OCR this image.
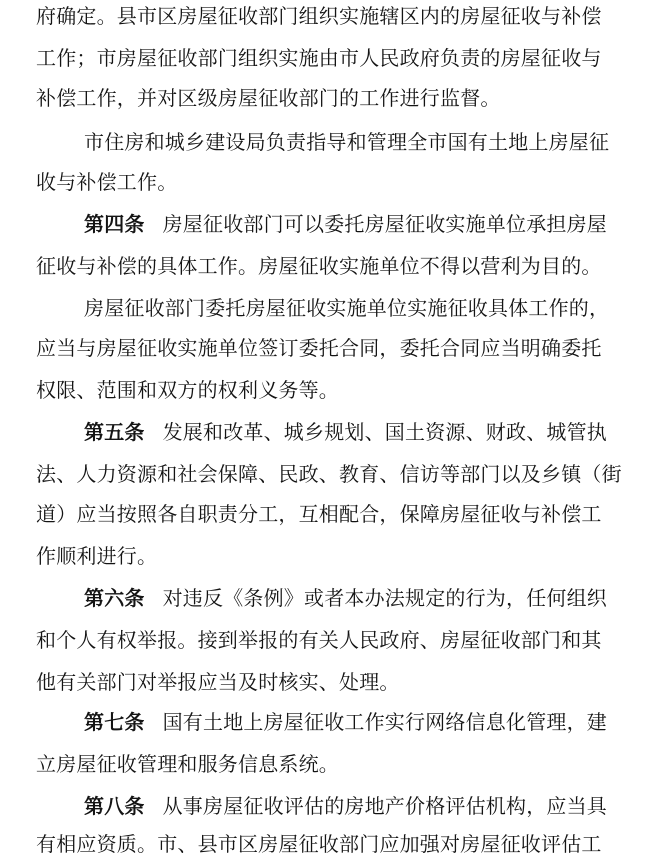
府确定。县市区房屋征收部门组织实施辖区内的房屋征收与补偿
工作；市房屋征收部门组织实施由市人民政府负责的房屋征收与
补偿工作，并对区级房屋征收部门的工作进行监督。
市住房和城乡建设局负责指导和管理全市国有土地上房屋征
收与补偿工作。
第四条 房屋征收部门可以委托房屋征收实施单位承担房屋
征收与补偿的具体工作。房屋征收实施单位不得以营利为目的。
房屋征收部门委托房屋征收实施单位实施征收具体工作的，
应当与房屋征收实施单位签订委托合同，委托合同应当明确委托
权限、范围和双方的权利义务等。
第五条 发展和改革、城乡规划、国土资源、财政、城管执
法、人力资源和社会保障、民政、教育、信访等部门以及乡镇（街
道）应当按照各自职责分工，互相配合，保障房屋征收与补偿工
作顺利进行。
第六条 对违反《条例》或者本办法规定的行为，任何组织
和个人有权举报。接到举报的有关人民政府、房屋征收部门和其
他有关部门对举报应当及时核实、处理。
第七条 国有土地上房屋征收工作实行网络信息化管理，建
立房屋征收管理和服务信息系统。
第八条 从事房屋征收评估的房地产价格评估机构，应当具
有相应资质。市、县市区房屋征收部门应加强对房屋征收评估工
